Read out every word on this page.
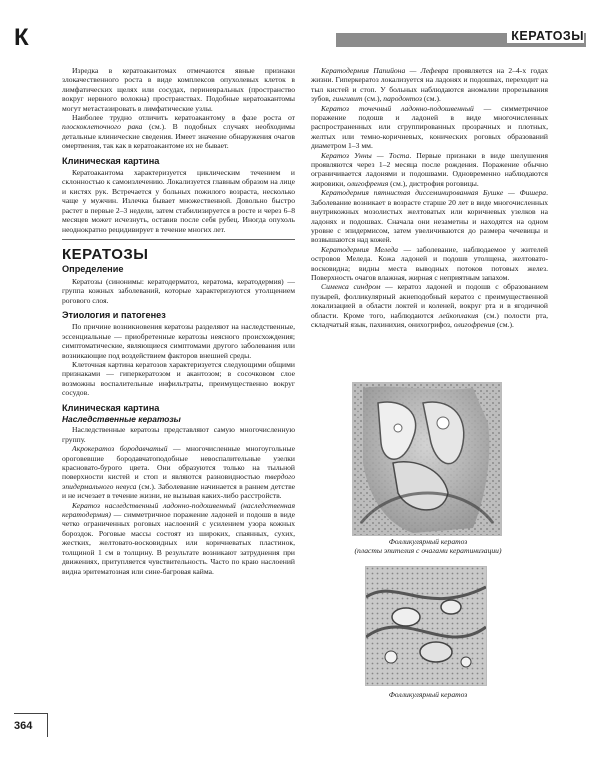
К	КЕРАТОЗЫ

Изредка в кератоакантомах отмечаются явные признаки злокачественного роста в виде комплексов опухолевых клеток в лимфатических щелях или сосудах, периневральных (пространство вокруг нервного волокна) пространствах. Подобные кератоакантомы могут метастазировать в лимфатические узлы.

Наиболее трудно отличить кератоакантому в фазе роста от плоскоклеточного рака (см.). В подобных случаях необходимы детальные клинические сведения. Имеет значение обнаружения очагов омертвения, так как в кератоакантоме их не бывает.

Клиническая картина

Кератоакантома характеризуется циклическим течением и склонностью к самоизлечению. Локализуется главным образом на лице и кистях рук. Встречается у больных пожилого возраста, несколько чаще у мужчин. Излечка бывает множественной. Довольно быстро растет в первые 2–3 недели, затем стабилизируется в росте и через 6–8 месяцев может исчезнуть, оставив после себя рубец. Иногда опухоль неоднократно рецидивирует в течение многих лет.

КЕРАТОЗЫ
Определение

Кератозы (синонимы: кератодерматоз, кератома, кератодермия) — группа кожных заболеваний, которые характеризуются утолщением рогового слоя.

Этиология и патогенез

По причине возникновения кератозы разделяют на наследственные, эссенциальные — приобретенные кератозы неясного происхождения; симптоматические, являющиеся симптомами другого заболевания или возникающие под воздействием факторов внешней среды.

Клеточная картина кератозов характеризуется следующими общими признаками — гиперкератозом и акантозом; в сосочковом слое возможны воспалительные инфильтраты, преимущественно вокруг сосудов.

Клиническая картина
Наследственные кератозы

Наследственные кератозы представляют самую многочисленную группу.

Акрокератоз бородавчатый — многочисленные многоугольные ороговевшие бородавчатоподобные невоспалительные узелки красновато-бурого цвета. Они образуются только на тыльной поверхности кистей и стоп и являются разновидностью твердого эпидермального невуса (см.). Заболевание начинается в раннем детстве и не исчезает в течение жизни, не вызывая каких-либо расстройств.

Кератоз наследственный ладонно-подошвенный (наследственная кератодермия) — симметричное поражение ладоней и подошв в виде четко ограниченных роговых наслоений с усилением узора кожных бороздок. Роговые массы состоят из широких, спаянных, сухих, жестких, желтовато-восковидных или коричневатых пластинок, толщиной 1 см в толщину. В результате возникают затруднения при движениях, притупляется чувствительность. Часто по краю наслоений видна эритематозная или сине-багровая кайма.

Кератодермия Папийона — Лефевра проявляется на 2–4-х годах жизни. Гиперкератоз локализуется на ладонях и подошвах, переходит на тыл кистей и стоп. У больных наблюдаются аномалии прорезывания зубов, гингивит (см.), пародонтоз (см.).

Кератоз точечный ладонно-подошвенный — симметричное поражение подошв и ладоней в виде многочисленных распространенных или сгруппированных прозрачных и плотных, желтых или темно-коричневых, конических роговых образований диаметром 1–3 мм.

Кератоз Унны — Тоста. Первые признаки в виде шелушения проявляются через 1–2 месяца после рождения. Поражение обычно ограничивается ладонями и подошвами. Одновременно наблюдаются жировики, олигофрения (см.), дистрофия роговицы.

Кератодермия пятнистая диссеминированная Бушке — Фишера. Заболевание возникает в возрасте старше 20 лет в виде многочисленных внутрикожных мозолистых желтоватых или коричневых узелков на ладонях и подошвах. Сначала они незаметны и находятся на одном уровне с эпидермисом, затем увеличиваются до размера чечевицы и возвышаются над кожей.

Кератодермия Меледа — заболевание, наблюдаемое у жителей островов Меледа. Кожа ладоней и подошв утолщена, желтовато-восковидна; видны места выводных потоков потовых желез. Поверхность очагов влажная, жирная с неприятным запахом.

Сименса синдром — кератоз ладоней и подошв с образованием пузырей, фолликулярный акнеподобный кератоз с преимущественной локализацией в области локтей и коленей, вокруг рта и в ягодичной области. Кроме того, наблюдаются лейкоплакия (см.) полости рта, складчатый язык, пахинихия, онихогрифоз, олигофрения (см.).

Фолликулярный кератоз
(пласты эпителия с очагами кератинизации)
Фолликулярный кератоз
364
